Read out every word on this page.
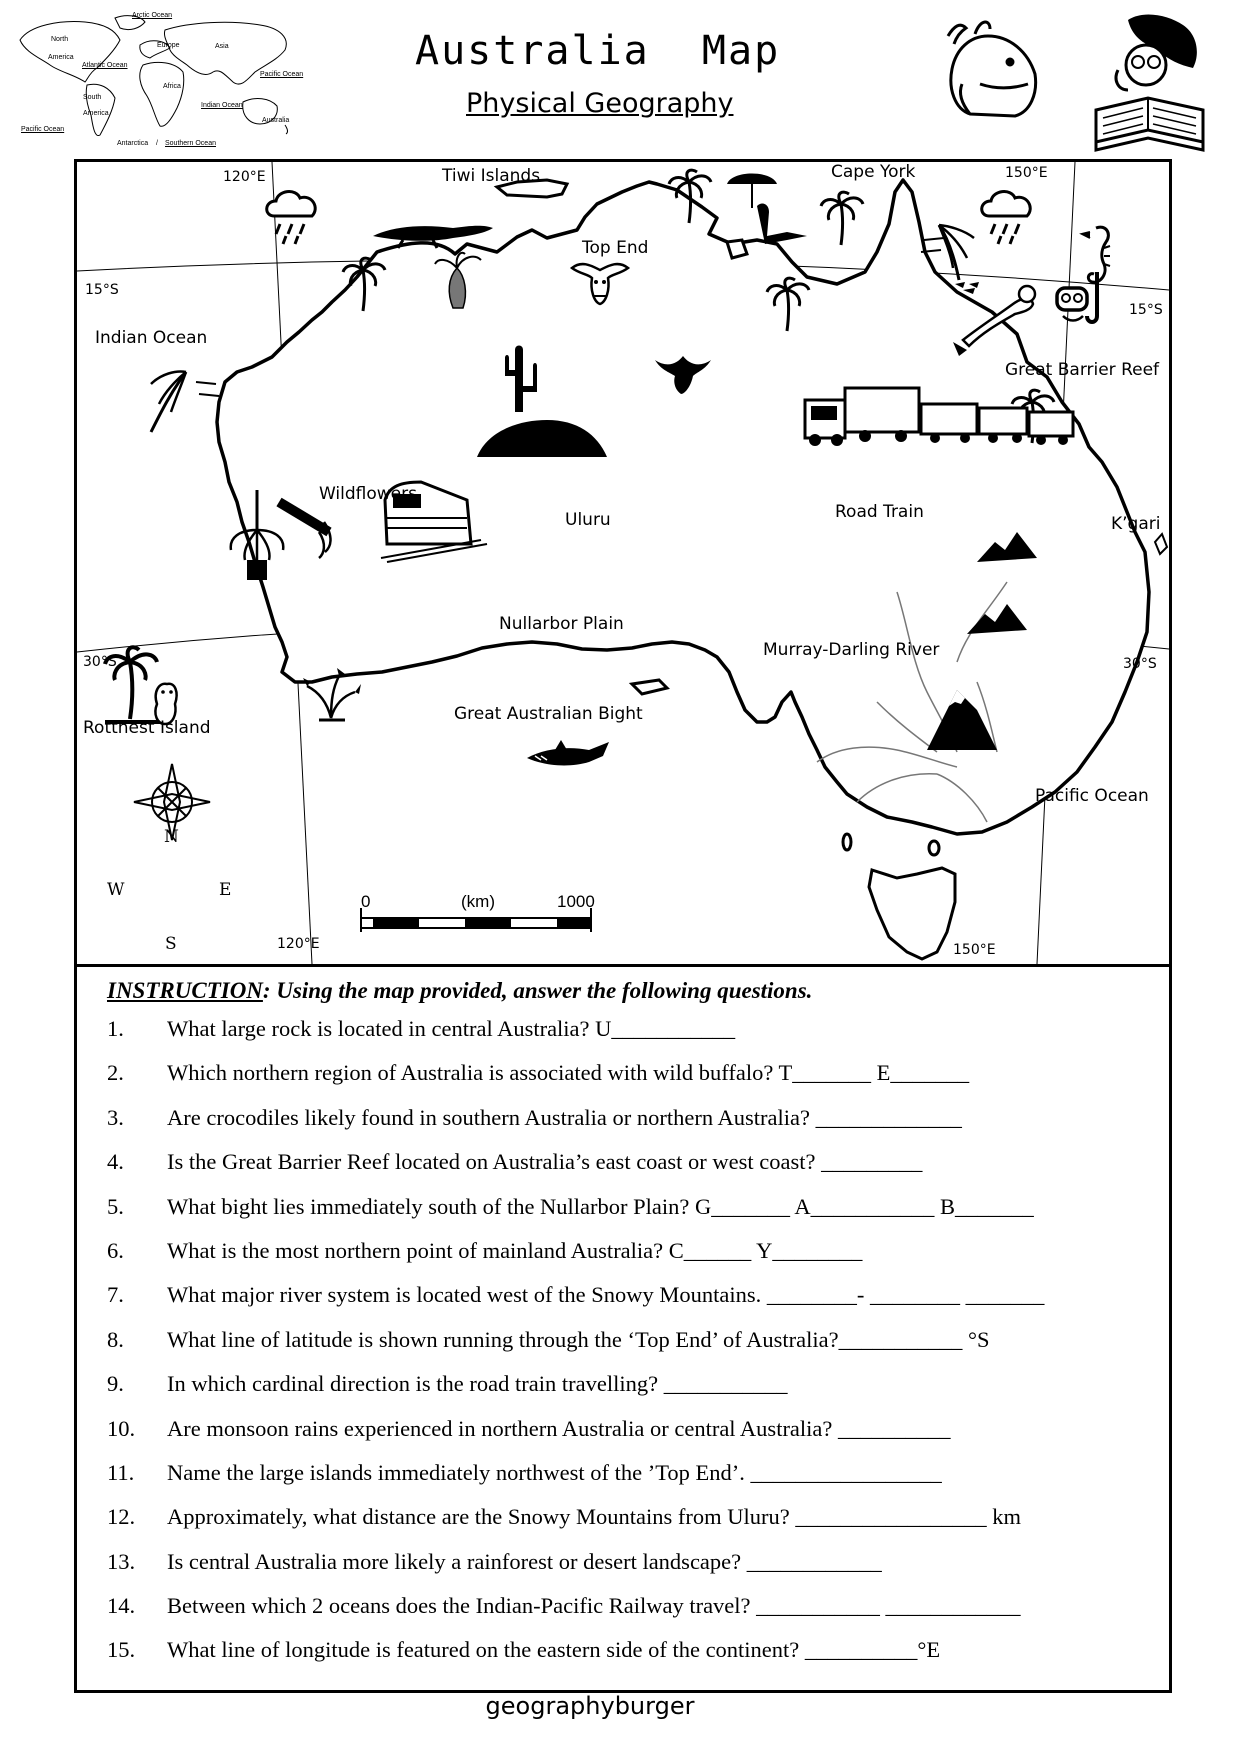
Australia  Map
Physical Geography
Arctic Ocean
North
America
Europe	Asia
Atlantic Ocean
Pacific Ocean
Africa
South
America
Indian Ocean
Australia
Pacific Ocean
Antarctica / Southern Ocean
120°E	150°E
120°E	150°E
15°S
15°S
30°S	30°S
Tiwi Islands	Cape York
Top End
Indian Ocean
Great Barrier Reef
Wildflowers
Uluru	Road Train
K’gari
Nullarbor Plain
Murray-Darling River
Rottnest Island
Great Australian Bight
Pacific Ocean
N
S
E
W
0	(km)	1000
INSTRUCTION: Using the map provided, answer the following questions.
1.	What large rock is located in central Australia? U___________
2.	Which northern region of Australia is associated with wild buffalo? T_______ E_______
3.	Are crocodiles likely found in southern Australia or northern Australia? _____________
4.	Is the Great Barrier Reef located on Australia’s east coast or west coast? _________
5.	What bight lies immediately south of the Nullarbor Plain? G_______ A___________ B_______
6.	What is the most northern point of mainland Australia? C______ Y________
7.	What major river system is located west of the Snowy Mountains. ________- ________ _______
8.	What line of latitude is shown running through the ‘Top End’ of Australia?___________ °S
9.	In which cardinal direction is the road train travelling? ___________
10.	Are monsoon rains experienced in northern Australia or central Australia? __________
11.	Name the large islands immediately northwest of the ’Top End’. _________________
12.	Approximately, what distance are the Snowy Mountains from Uluru? _________________ km
13.	Is central Australia more likely a rainforest or desert landscape? ____________
14.	Between which 2 oceans does the Indian-Pacific Railway travel? ___________ ____________
15.	What line of longitude is featured on the eastern side of the continent? __________°E
geographyburger
